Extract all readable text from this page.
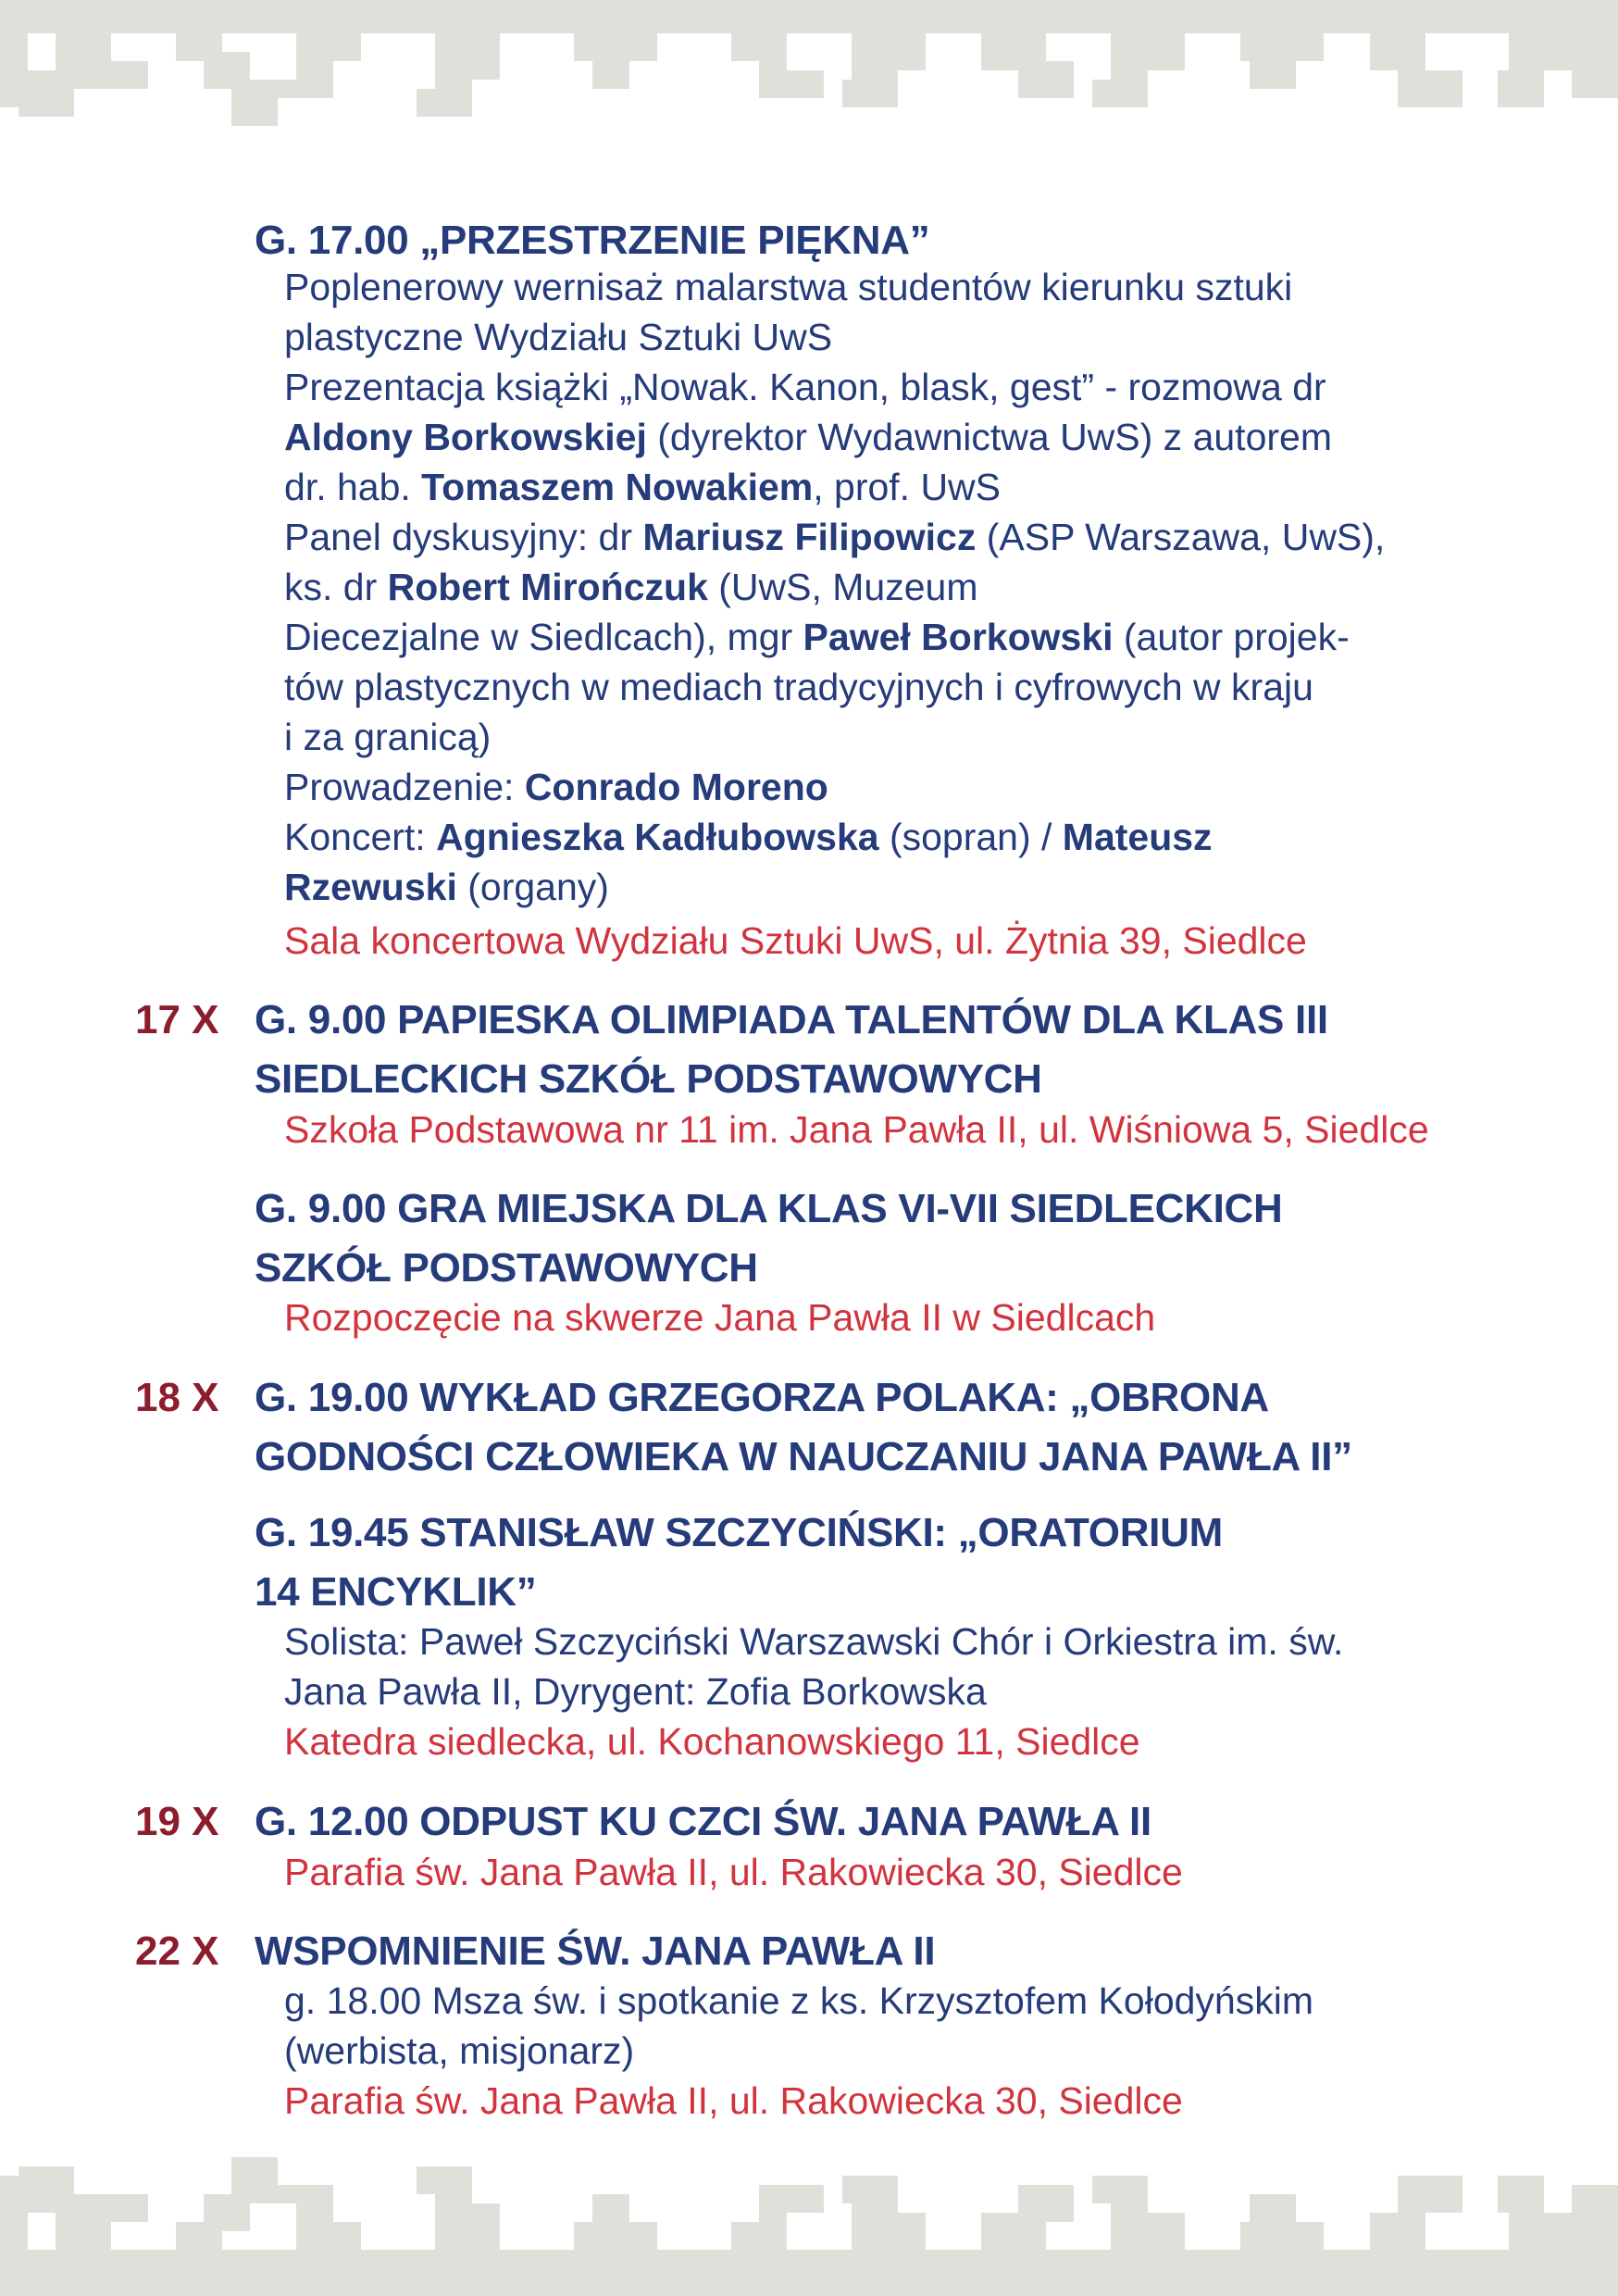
G. 17.00 „PRZESTRZENIE PIĘKNA”

Poplenerowy wernisaż malarstwa studentów kierunku sztuki

plastyczne Wydziału Sztuki UwS

Prezentacja książki „Nowak. Kanon, blask, gest” - rozmowa dr

Aldony Borkowskiej (dyrektor Wydawnictwa UwS) z autorem

dr. hab. Tomaszem Nowakiem, prof. UwS

Panel dyskusyjny: dr Mariusz Filipowicz (ASP Warszawa, UwS),

ks. dr Robert Mirończuk (UwS, Muzeum

Diecezjalne w Siedlcach), mgr Paweł Borkowski (autor projek-

tów plastycznych w mediach tradycyjnych i cyfrowych w kraju

i za granicą)

Prowadzenie: Conrado Moreno

Koncert: Agnieszka Kadłubowska (sopran) / Mateusz

Rzewuski (organy)

Sala koncertowa Wydziału Sztuki UwS, ul. Żytnia 39, Siedlce
17 X G. 9.00 PAPIESKA OLIMPIADA TALENTÓW DLA KLAS III
SIEDLECKICH SZKÓŁ PODSTAWOWYCH
Szkoła Podstawowa nr 11 im. Jana Pawła II, ul. Wiśniowa 5, Siedlce
G. 9.00 GRA MIEJSKA DLA KLAS VI-VII SIEDLECKICH
SZKÓŁ PODSTAWOWYCH
Rozpoczęcie na skwerze Jana Pawła II w Siedlcach
18 X G. 19.00 WYKŁAD GRZEGORZA POLAKA: „OBRONA
GODNOŚCI CZŁOWIEKA W NAUCZANIU JANA PAWŁA II”
G. 19.45 STANISŁAW SZCZYCIŃSKI: „ORATORIUM
14 ENCYKLIK”

Solista: Paweł Szczyciński Warszawski Chór i Orkiestra im. św.

Jana Pawła II, Dyrygent: Zofia Borkowska

Katedra siedlecka, ul. Kochanowskiego 11, Siedlce
19 X G. 12.00 ODPUST KU CZCI ŚW. JANA PAWŁA II
Parafia św. Jana Pawła II, ul. Rakowiecka 30, Siedlce
22 X WSPOMNIENIE ŚW. JANA PAWŁA II

g. 18.00 Msza św. i spotkanie z ks. Krzysztofem Kołodyńskim

(werbista, misjonarz)

Parafia św. Jana Pawła II, ul. Rakowiecka 30, Siedlce
